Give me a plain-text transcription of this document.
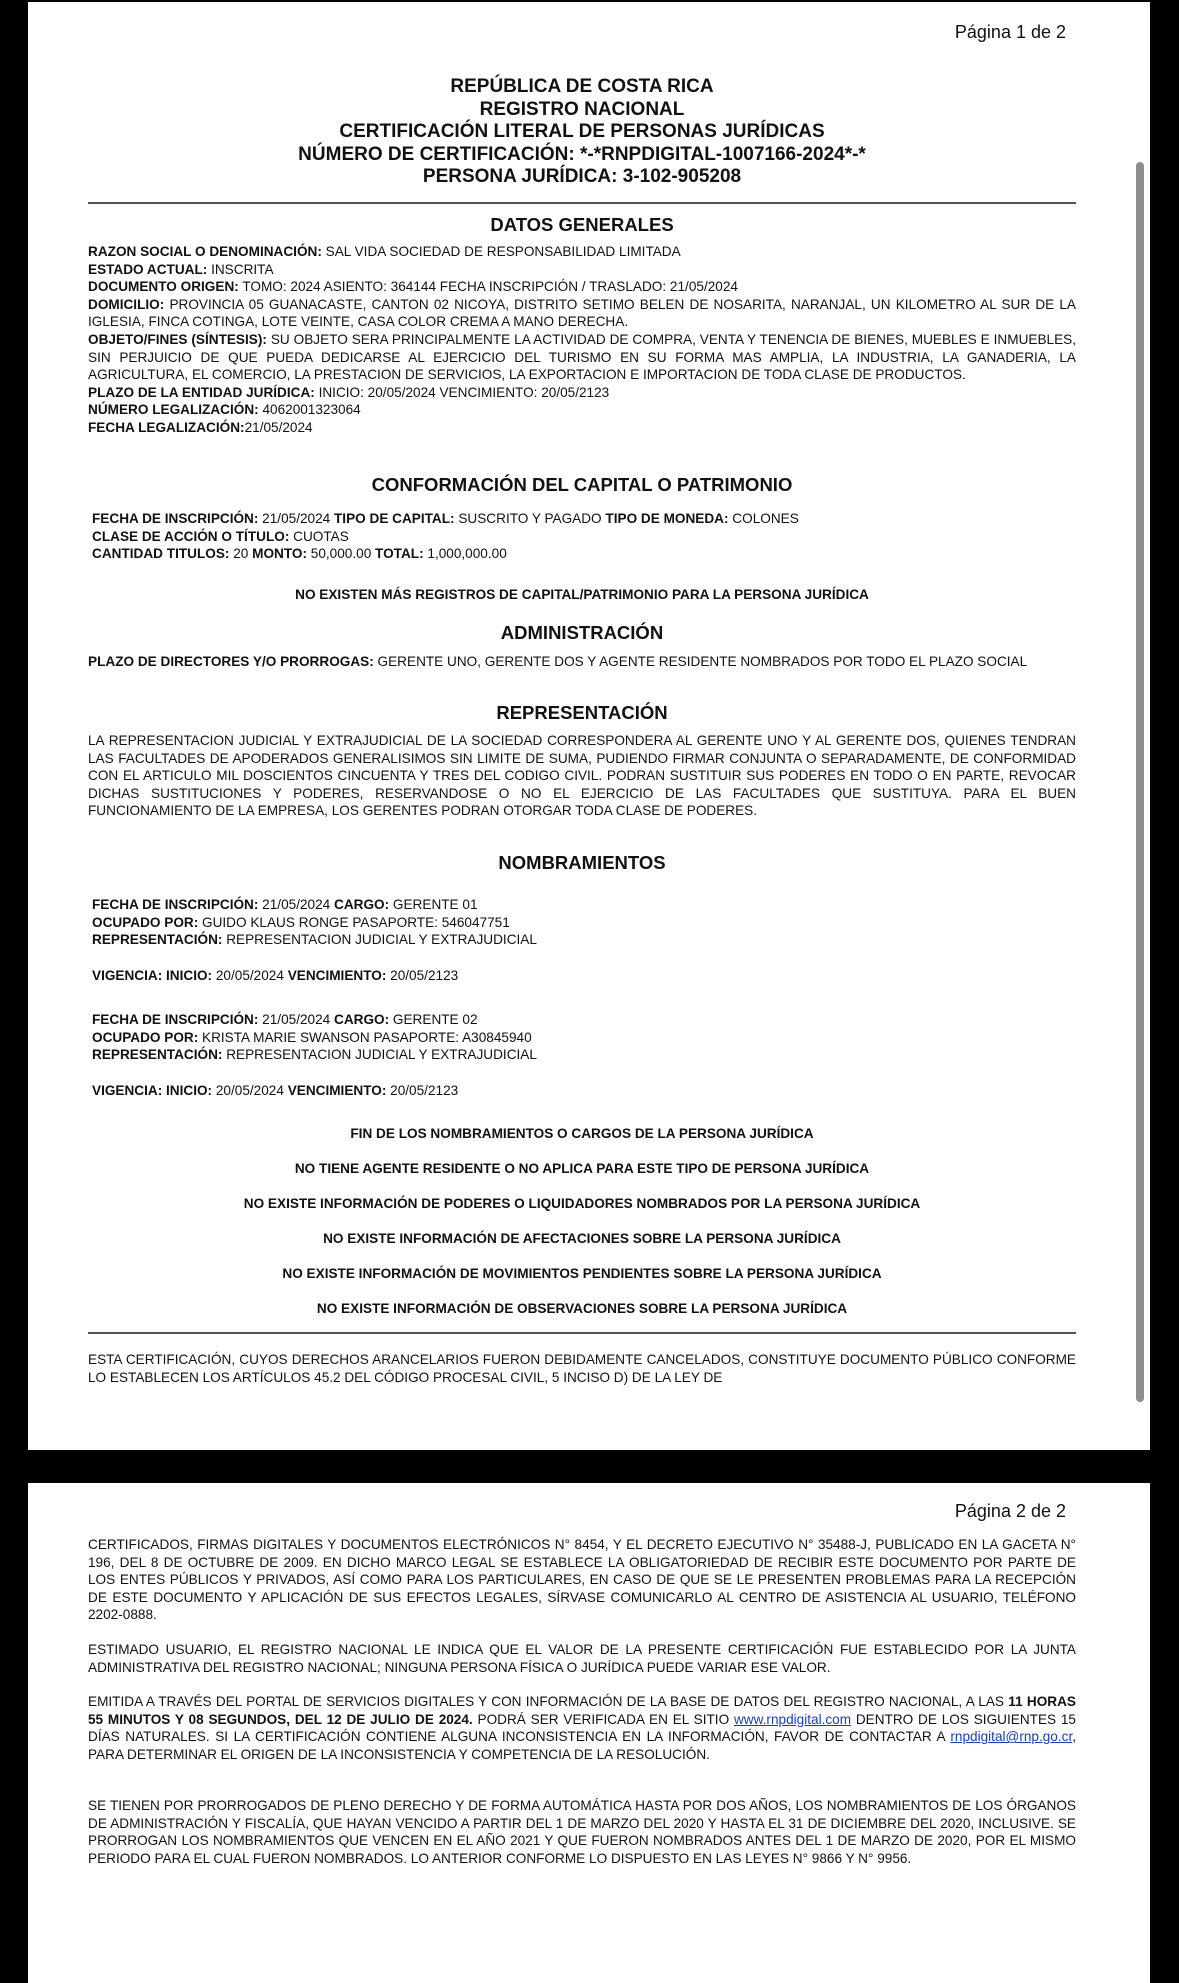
Página 1 de 2
REPÚBLICA DE COSTA RICA
REGISTRO NACIONAL
CERTIFICACIÓN LITERAL DE PERSONAS JURÍDICAS
NÚMERO DE CERTIFICACIÓN: *-*RNPDIGITAL-1007166-2024*-*
PERSONA JURÍDICA: 3-102-905208
DATOS GENERALES
RAZON SOCIAL O DENOMINACIÓN: SAL VIDA SOCIEDAD DE RESPONSABILIDAD LIMITADA
ESTADO ACTUAL: INSCRITA
DOCUMENTO ORIGEN: TOMO: 2024 ASIENTO: 364144 FECHA INSCRIPCIÓN / TRASLADO: 21/05/2024
DOMICILIO: PROVINCIA 05 GUANACASTE, CANTON 02 NICOYA, DISTRITO SETIMO BELEN DE NOSARITA, NARANJAL, UN KILOMETRO AL SUR DE LA IGLESIA, FINCA COTINGA, LOTE VEINTE, CASA COLOR CREMA A MANO DERECHA.
OBJETO/FINES (SÍNTESIS): SU OBJETO SERA PRINCIPALMENTE LA ACTIVIDAD DE COMPRA, VENTA Y TENENCIA DE BIENES, MUEBLES E INMUEBLES, SIN PERJUICIO DE QUE PUEDA DEDICARSE AL EJERCICIO DEL TURISMO EN SU FORMA MAS AMPLIA, LA INDUSTRIA, LA GANADERIA, LA AGRICULTURA, EL COMERCIO, LA PRESTACION DE SERVICIOS, LA EXPORTACION E IMPORTACION DE TODA CLASE DE PRODUCTOS.
PLAZO DE LA ENTIDAD JURÍDICA: INICIO: 20/05/2024 VENCIMIENTO: 20/05/2123
NÚMERO LEGALIZACIÓN: 4062001323064
FECHA LEGALIZACIÓN:21/05/2024
CONFORMACIÓN DEL CAPITAL O PATRIMONIO
FECHA DE INSCRIPCIÓN: 21/05/2024 TIPO DE CAPITAL: SUSCRITO Y PAGADO TIPO DE MONEDA: COLONES
CLASE DE ACCIÓN O TÍTULO: CUOTAS
CANTIDAD TITULOS: 20 MONTO: 50,000.00 TOTAL: 1,000,000.00
NO EXISTEN MÁS REGISTROS DE CAPITAL/PATRIMONIO PARA LA PERSONA JURÍDICA
ADMINISTRACIÓN
PLAZO DE DIRECTORES Y/O PRORROGAS: GERENTE UNO, GERENTE DOS Y AGENTE RESIDENTE NOMBRADOS POR TODO EL PLAZO SOCIAL
REPRESENTACIÓN
LA REPRESENTACION JUDICIAL Y EXTRAJUDICIAL DE LA SOCIEDAD CORRESPONDERA AL GERENTE UNO Y AL GERENTE DOS, QUIENES TENDRAN LAS FACULTADES DE APODERADOS GENERALISIMOS SIN LIMITE DE SUMA, PUDIENDO FIRMAR CONJUNTA O SEPARADAMENTE, DE CONFORMIDAD CON EL ARTICULO MIL DOSCIENTOS CINCUENTA Y TRES DEL CODIGO CIVIL. PODRAN SUSTITUIR SUS PODERES EN TODO O EN PARTE, REVOCAR DICHAS SUSTITUCIONES Y PODERES, RESERVANDOSE O NO EL EJERCICIO DE LAS FACULTADES QUE SUSTITUYA. PARA EL BUEN FUNCIONAMIENTO DE LA EMPRESA, LOS GERENTES PODRAN OTORGAR TODA CLASE DE PODERES.
NOMBRAMIENTOS
FECHA DE INSCRIPCIÓN: 21/05/2024 CARGO: GERENTE 01
OCUPADO POR: GUIDO KLAUS RONGE PASAPORTE: 546047751
REPRESENTACIÓN: REPRESENTACION JUDICIAL Y EXTRAJUDICIAL
VIGENCIA: INICIO: 20/05/2024 VENCIMIENTO: 20/05/2123
FECHA DE INSCRIPCIÓN: 21/05/2024 CARGO: GERENTE 02
OCUPADO POR: KRISTA MARIE SWANSON PASAPORTE: A30845940
REPRESENTACIÓN: REPRESENTACION JUDICIAL Y EXTRAJUDICIAL
VIGENCIA: INICIO: 20/05/2024 VENCIMIENTO: 20/05/2123
FIN DE LOS NOMBRAMIENTOS O CARGOS DE LA PERSONA JURÍDICA
NO TIENE AGENTE RESIDENTE O NO APLICA PARA ESTE TIPO DE PERSONA JURÍDICA
NO EXISTE INFORMACIÓN DE PODERES O LIQUIDADORES NOMBRADOS POR LA PERSONA JURÍDICA
NO EXISTE INFORMACIÓN DE AFECTACIONES SOBRE LA PERSONA JURÍDICA
NO EXISTE INFORMACIÓN DE MOVIMIENTOS PENDIENTES SOBRE LA PERSONA JURÍDICA
NO EXISTE INFORMACIÓN DE OBSERVACIONES SOBRE LA PERSONA JURÍDICA
ESTA CERTIFICACIÓN, CUYOS DERECHOS ARANCELARIOS FUERON DEBIDAMENTE CANCELADOS, CONSTITUYE DOCUMENTO PÚBLICO CONFORME LO ESTABLECEN LOS ARTÍCULOS 45.2 DEL CÓDIGO PROCESAL CIVIL, 5 INCISO D) DE LA LEY DE
Página 2 de 2
CERTIFICADOS, FIRMAS DIGITALES Y DOCUMENTOS ELECTRÓNICOS N° 8454, Y EL DECRETO EJECUTIVO N° 35488-J, PUBLICADO EN LA GACETA N° 196, DEL 8 DE OCTUBRE DE 2009. EN DICHO MARCO LEGAL SE ESTABLECE LA OBLIGATORIEDAD DE RECIBIR ESTE DOCUMENTO POR PARTE DE LOS ENTES PÚBLICOS Y PRIVADOS, ASÍ COMO PARA LOS PARTICULARES, EN CASO DE QUE SE LE PRESENTEN PROBLEMAS PARA LA RECEPCIÓN DE ESTE DOCUMENTO Y APLICACIÓN DE SUS EFECTOS LEGALES, SÍRVASE COMUNICARLO AL CENTRO DE ASISTENCIA AL USUARIO, TELÉFONO 2202-0888.
ESTIMADO USUARIO, EL REGISTRO NACIONAL LE INDICA QUE EL VALOR DE LA PRESENTE CERTIFICACIÓN FUE ESTABLECIDO POR LA JUNTA ADMINISTRATIVA DEL REGISTRO NACIONAL; NINGUNA PERSONA FÍSICA O JURÍDICA PUEDE VARIAR ESE VALOR.
EMITIDA A TRAVÉS DEL PORTAL DE SERVICIOS DIGITALES Y CON INFORMACIÓN DE LA BASE DE DATOS DEL REGISTRO NACIONAL, A LAS 11 HORAS 55 MINUTOS Y 08 SEGUNDOS, DEL 12 DE JULIO DE 2024. PODRÁ SER VERIFICADA EN EL SITIO www.rnpdigital.com DENTRO DE LOS SIGUIENTES 15 DÍAS NATURALES. SI LA CERTIFICACIÓN CONTIENE ALGUNA INCONSISTENCIA EN LA INFORMACIÓN, FAVOR DE CONTACTAR A rnpdigital@rnp.go.cr, PARA DETERMINAR EL ORIGEN DE LA INCONSISTENCIA Y COMPETENCIA DE LA RESOLUCIÓN.
SE TIENEN POR PRORROGADOS DE PLENO DERECHO Y DE FORMA AUTOMÁTICA HASTA POR DOS AÑOS, LOS NOMBRAMIENTOS DE LOS ÓRGANOS DE ADMINISTRACIÓN Y FISCALÍA, QUE HAYAN VENCIDO A PARTIR DEL 1 DE MARZO DEL 2020 Y HASTA EL 31 DE DICIEMBRE DEL 2020, INCLUSIVE. SE PRORROGAN LOS NOMBRAMIENTOS QUE VENCEN EN EL AÑO 2021 Y QUE FUERON NOMBRADOS ANTES DEL 1 DE MARZO DE 2020, POR EL MISMO PERIODO PARA EL CUAL FUERON NOMBRADOS. LO ANTERIOR CONFORME LO DISPUESTO EN LAS LEYES N° 9866 Y N° 9956.
